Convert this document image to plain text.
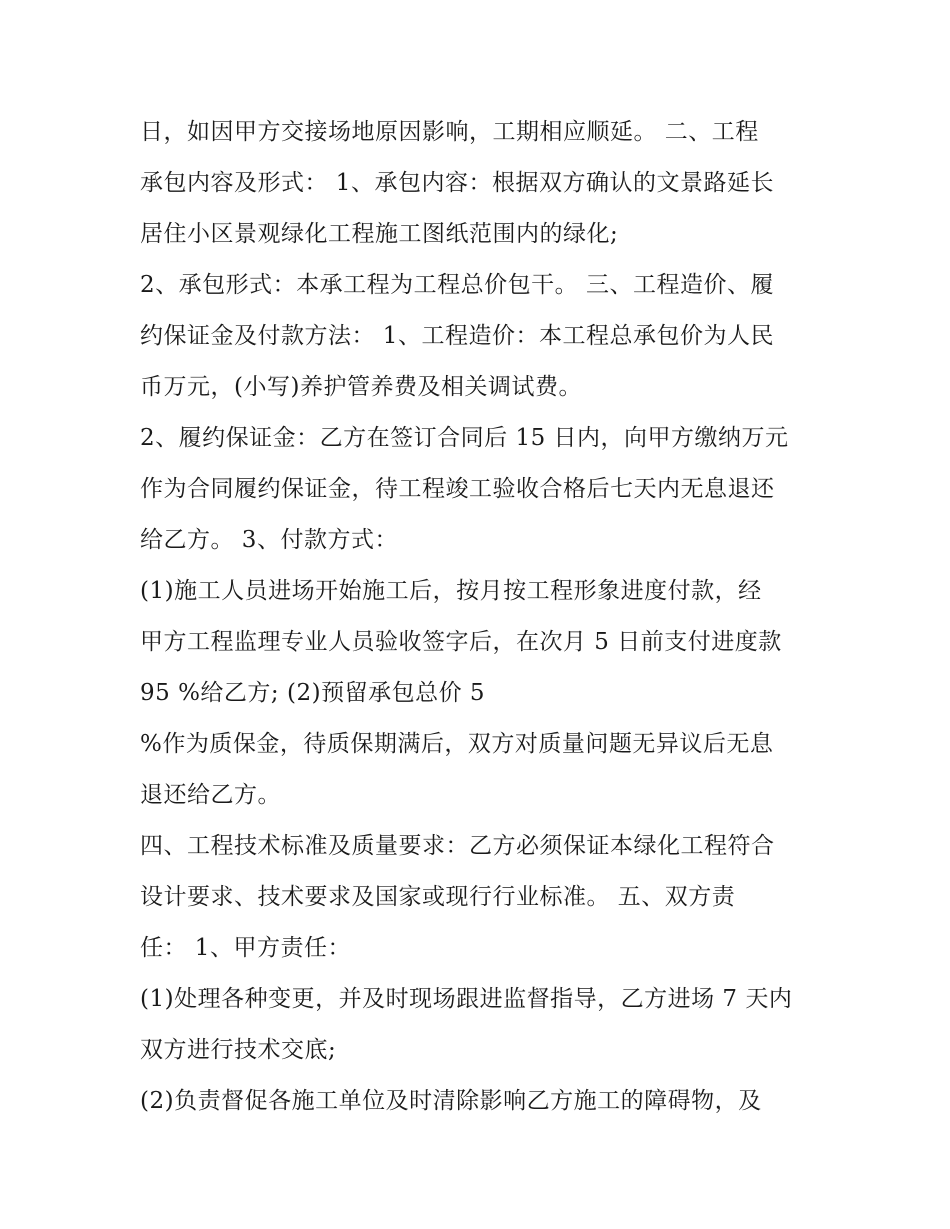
日，如因甲方交接场地原因影响，工期相应顺延。 二、工程
承包内容及形式： 1、承包内容：根据双方确认的文景路延长
居住小区景观绿化工程施工图纸范围内的绿化;
2、承包形式：本承工程为工程总价包干。 三、工程造价、履
约保证金及付款方法： 1、工程造价：本工程总承包价为人民
币万元，(小写)养护管养费及相关调试费。
2、履约保证金：乙方在签订合同后 15 日内，向甲方缴纳万元
作为合同履约保证金，待工程竣工验收合格后七天内无息退还
给乙方。 3、付款方式：
(1)施工人员进场开始施工后，按月按工程形象进度付款，经
甲方工程监理专业人员验收签字后，在次月 5 日前支付进度款
95 %给乙方; (2)预留承包总价 5
%作为质保金，待质保期满后，双方对质量问题无异议后无息
退还给乙方。
四、工程技术标准及质量要求：乙方必须保证本绿化工程符合
设计要求、技术要求及国家或现行行业标准。 五、双方责
任： 1、甲方责任：
(1)处理各种变更，并及时现场跟进监督指导，乙方进场 7 天内
双方进行技术交底;
(2)负责督促各施工单位及时清除影响乙方施工的障碍物，及
